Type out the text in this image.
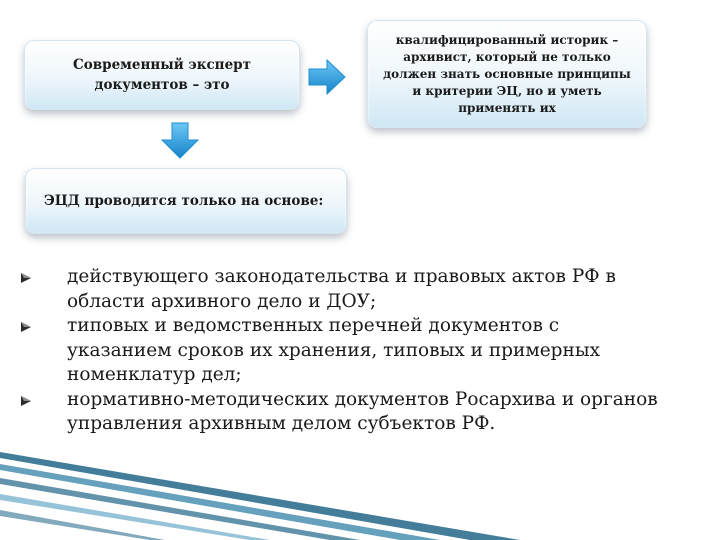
Современный эксперт документов – это
квалифицированный историк – архивист, который не только должен знать основные принципы и критерии ЭЦ, но и уметь применять их
ЭЦД проводится только на основе:
действующего законодательства и правовых актов РФ в области архивного дело и ДОУ;
типовых и ведомственных перечней документов с указанием сроков их хранения, типовых и примерных номенклатур дел;
нормативно-методических документов Росархива и органов управления архивным делом субъектов РФ.
